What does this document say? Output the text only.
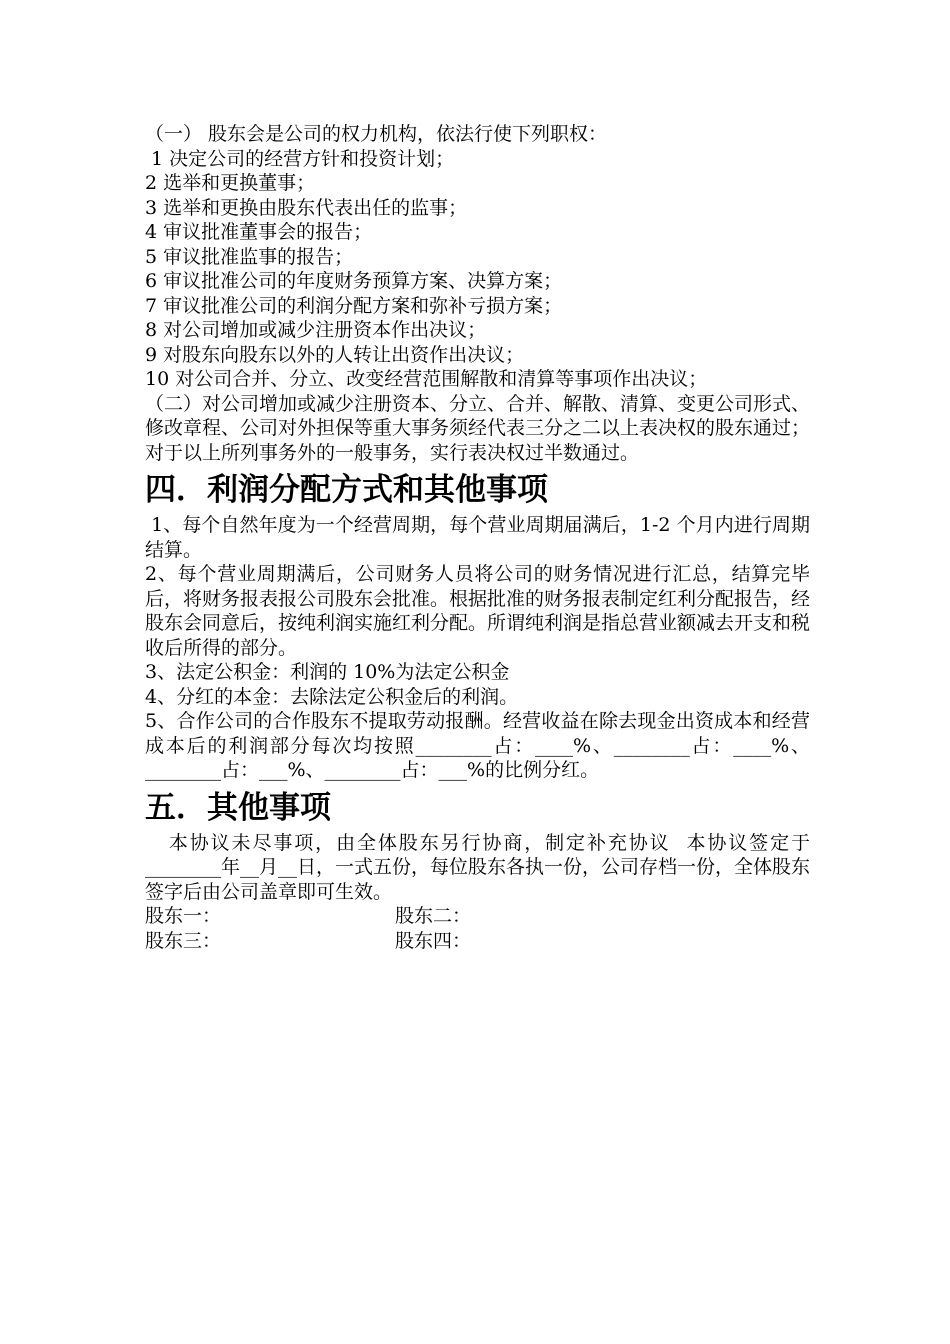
（一） 股东会是公司的权力机构，依法行使下列职权：
1 决定公司的经营方针和投资计划；
2 选举和更换董事；
3 选举和更换由股东代表出任的监事；
4 审议批准董事会的报告；
5 审议批准监事的报告；
6 审议批准公司的年度财务预算方案、决算方案；
7 审议批准公司的利润分配方案和弥补亏损方案；
8 对公司增加或减少注册资本作出决议；
9 对股东向股东以外的人转让出资作出决议；
10 对公司合并、分立、改变经营范围解散和清算等事项作出决议；
（二）对公司增加或减少注册资本、分立、合并、解散、清算、变更公司形式、修改章程、公司对外担保等重大事务须经代表三分之二以上表决权的股东通过；对于以上所列事务外的一般事务，实行表决权过半数通过。
四．利润分配方式和其他事项
1、每个自然年度为一个经营周期，每个营业周期届满后，1-2 个月内进行周期结算。
2、每个营业周期满后，公司财务人员将公司的财务情况进行汇总，结算完毕后，将财务报表报公司股东会批准。根据批准的财务报表制定红利分配报告，经股东会同意后，按纯利润实施红利分配。所谓纯利润是指总营业额减去开支和税收后所得的部分。
3、法定公积金：利润的 10%为法定公积金
4、分红的本金：去除法定公积金后的利润。
5、合作公司的合作股东不提取劳动报酬。经营收益在除去现金出资成本和经营成本后的利润部分每次均按照________占：____%、________占：____%、________占：___%、________占：___%的比例分红。
五．其他事项
本协议未尽事项，由全体股东另行协商，制定补充协议  本协议签定于________年__月__日，一式五份，每位股东各执一份，公司存档一份，全体股东签字后由公司盖章即可生效。
股东一：	股东二：
股东三：	股东四：
